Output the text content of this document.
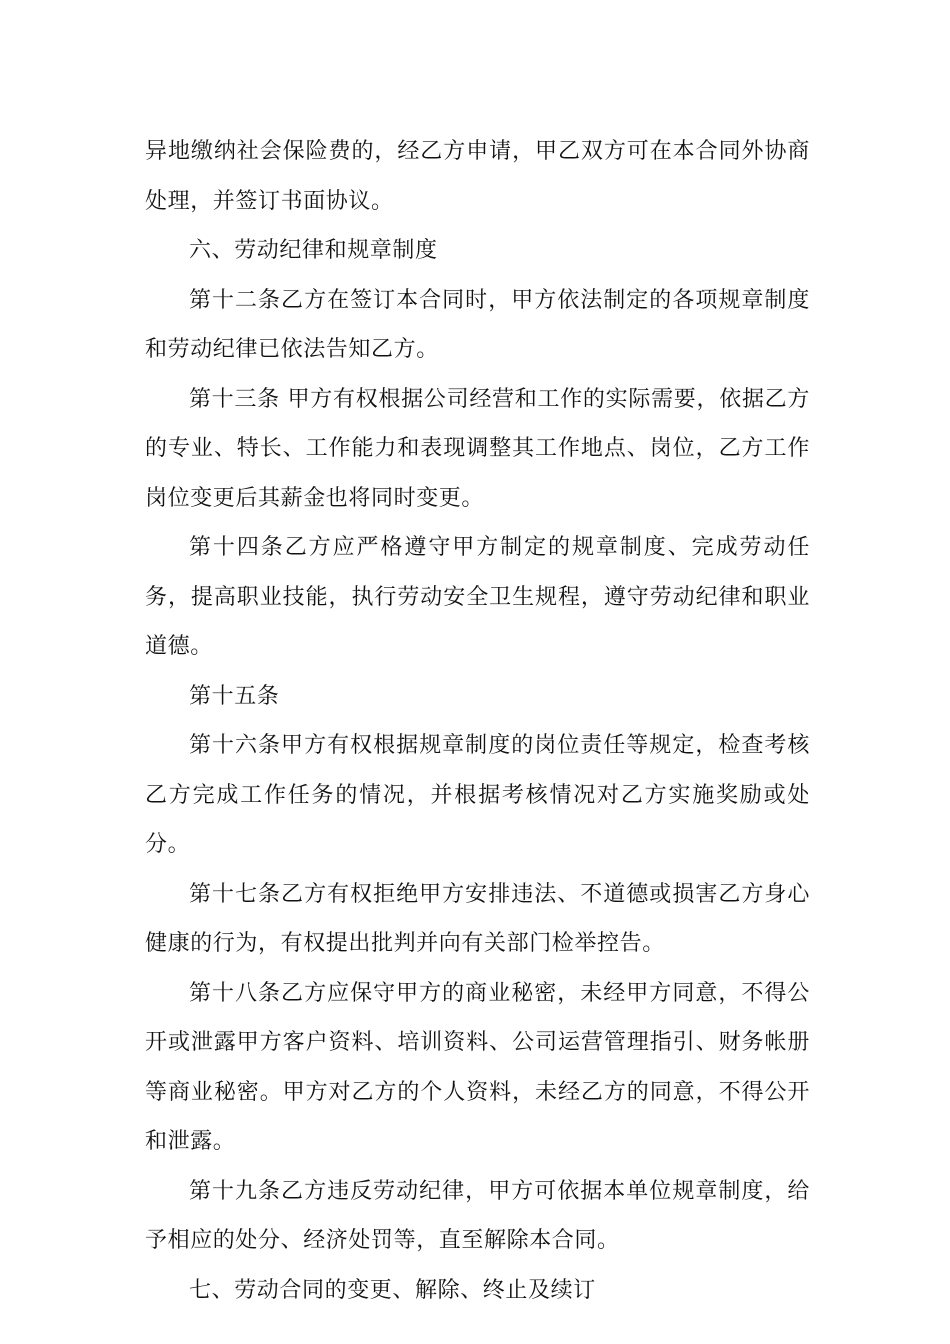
异地缴纳社会保险费的，经乙方申请，甲乙双方可在本合同外协商处理，并签订书面协议。

六、劳动纪律和规章制度

第十二条乙方在签订本合同时，甲方依法制定的各项规章制度和劳动纪律已依法告知乙方。

第十三条 甲方有权根据公司经营和工作的实际需要，依据乙方的专业、特长、工作能力和表现调整其工作地点、岗位，乙方工作岗位变更后其薪金也将同时变更。

第十四条乙方应严格遵守甲方制定的规章制度、完成劳动任务，提高职业技能，执行劳动安全卫生规程，遵守劳动纪律和职业道德。

第十五条

第十六条甲方有权根据规章制度的岗位责任等规定，检查考核乙方完成工作任务的情况，并根据考核情况对乙方实施奖励或处分。

第十七条乙方有权拒绝甲方安排违法、不道德或损害乙方身心健康的行为，有权提出批判并向有关部门检举控告。

第十八条乙方应保守甲方的商业秘密，未经甲方同意，不得公开或泄露甲方客户资料、培训资料、公司运营管理指引、财务帐册等商业秘密。甲方对乙方的个人资料，未经乙方的同意，不得公开和泄露。

第十九条乙方违反劳动纪律，甲方可依据本单位规章制度，给予相应的处分、经济处罚等，直至解除本合同。

七、劳动合同的变更、解除、终止及续订
